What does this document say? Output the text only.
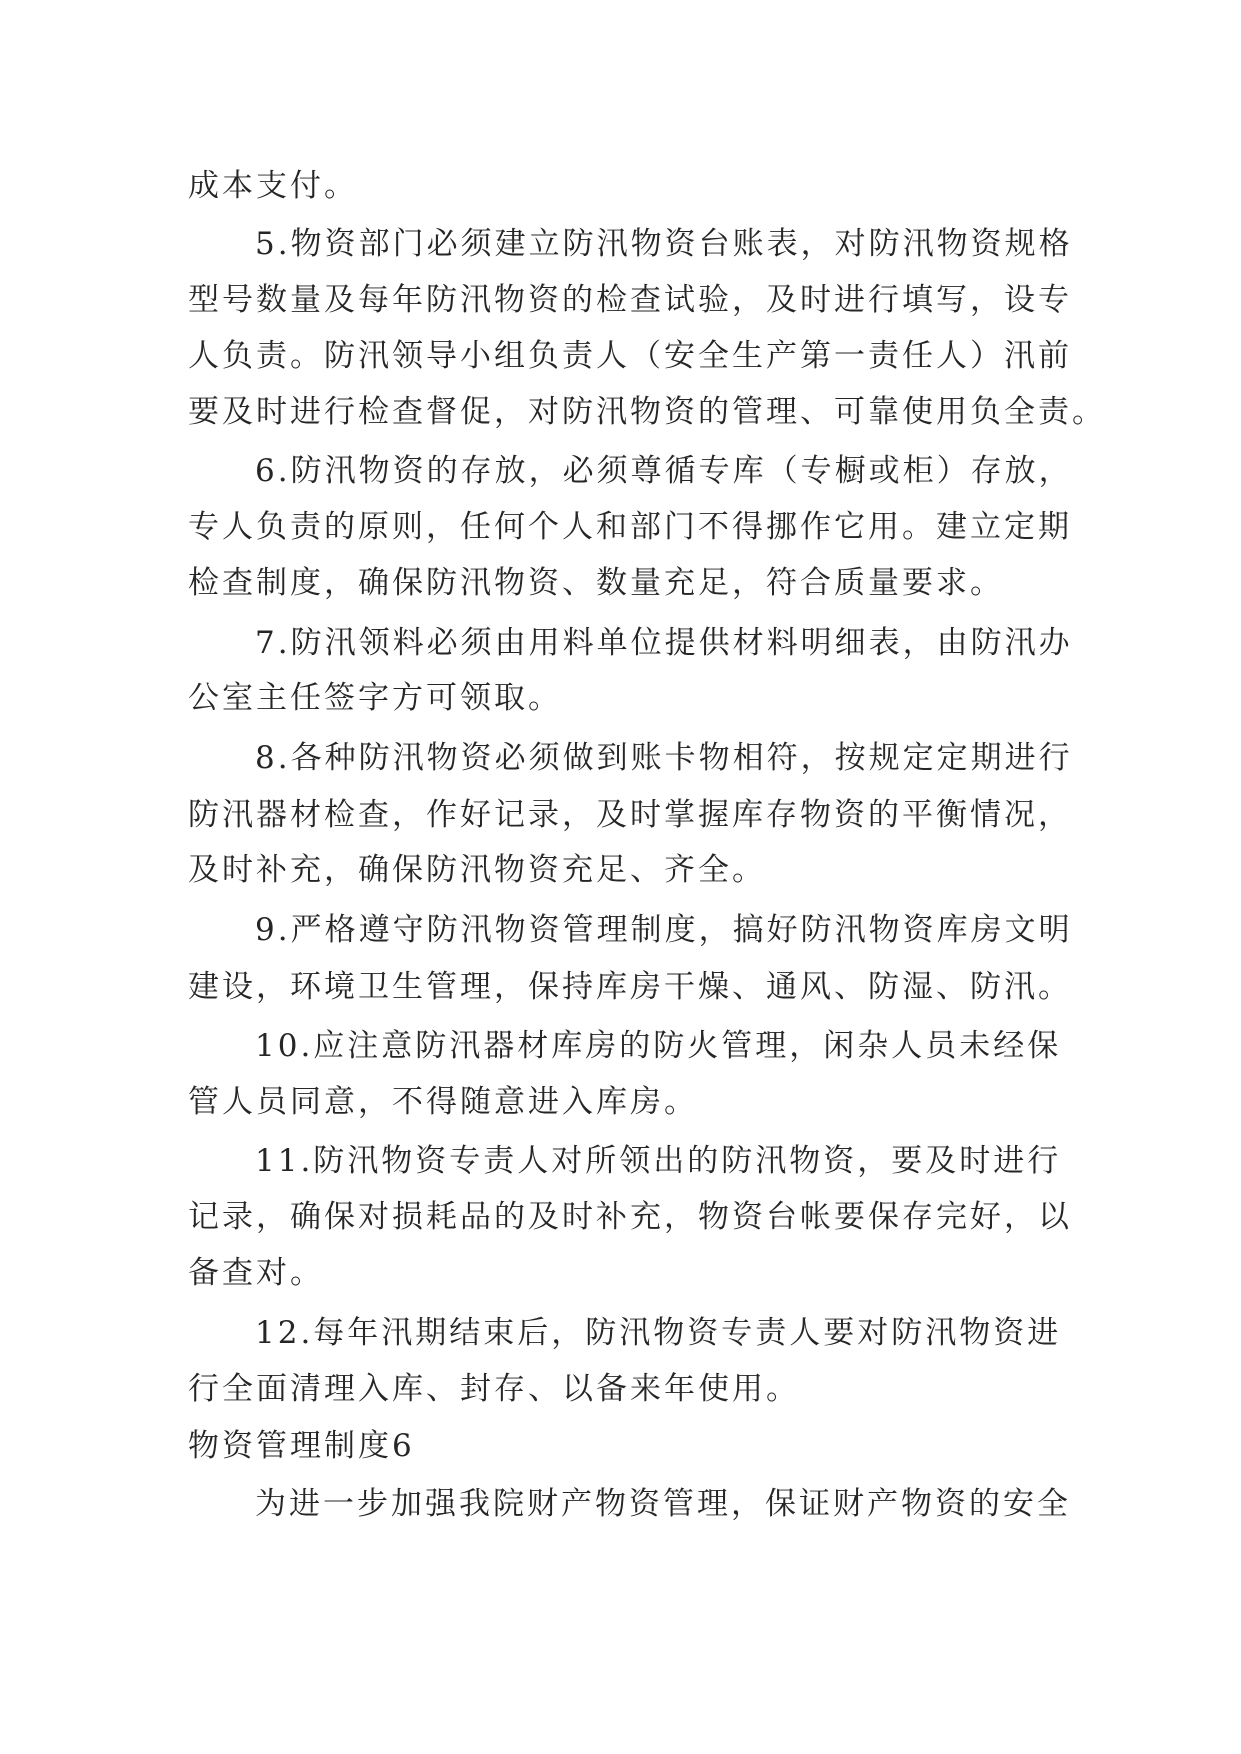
成本支付。
5.物资部门必须建立防汛物资台账表，对防汛物资规格
型号数量及每年防汛物资的检查试验，及时进行填写，设专
人负责。防汛领导小组负责人（安全生产第一责任人）汛前
要及时进行检查督促，对防汛物资的管理、可靠使用负全责。
6.防汛物资的存放，必须尊循专库（专橱或柜）存放，
专人负责的原则，任何个人和部门不得挪作它用。建立定期
检查制度，确保防汛物资、数量充足，符合质量要求。
7.防汛领料必须由用料单位提供材料明细表，由防汛办
公室主任签字方可领取。
8.各种防汛物资必须做到账卡物相符，按规定定期进行
防汛器材检查，作好记录，及时掌握库存物资的平衡情况，
及时补充，确保防汛物资充足、齐全。
9.严格遵守防汛物资管理制度，搞好防汛物资库房文明
建设，环境卫生管理，保持库房干燥、通风、防湿、防汛。
10.应注意防汛器材库房的防火管理，闲杂人员未经保
管人员同意，不得随意进入库房。
11.防汛物资专责人对所领出的防汛物资，要及时进行
记录，确保对损耗品的及时补充，物资台帐要保存完好，以
备查对。
12.每年汛期结束后，防汛物资专责人要对防汛物资进
行全面清理入库、封存、以备来年使用。
物资管理制度6
为进一步加强我院财产物资管理，保证财产物资的安全
